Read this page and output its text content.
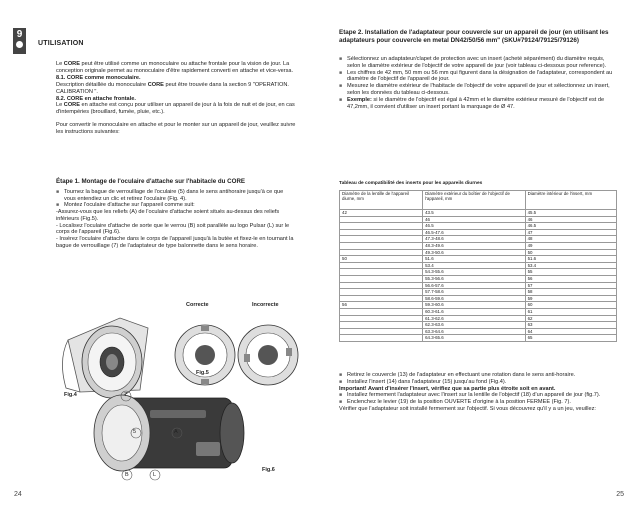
9
UTILISATION

Le CORE peut être utilisé comme un monoculaire ou attache frontale pour la vision de jour. La conception originale permet au monoculaire d'être rapidement converti en attache et vice-versa.

8.1. CORE comme monoculaire.

Description détaillée du monoculaire CORE peut être trouvée dans la section 9 "OPERATION. CALIBRATION ".

8.2. CORE en attache frontale.

Le CORE en attache est conçu pour utiliser un appareil de jour à la fois de nuit et de jour, en cas d'intempéries (brouillard, fumée, pluie, etc.).

Pour convertir le monoculaire en attache et pour le monter sur un appareil de jour, veuillez suivre les instructions suivantes:

Étape 1. Montage de l'oculaire d'attache sur l'habitacle du CORE

■ Tournez la bague de verrouillage de l'oculaire (5) dans le sens antihoraire jusqu'à ce que vous entendiez un clic et retirez l'oculaire (Fig. 4).

■ Montez l'oculaire d'attache sur l'appareil comme suit:

-Assurez-vous que les reliefs (A) de l'oculaire d'attache soient situés au-dessus des reliefs inférieurs (Fig.5).

- Localisez l'oculaire d'attache de sorte que le verrou (B) soit parallèle au logo Pulsar (L) sur le corps de l'appareil (Fig.6).

- Insérez l'oculaire d'attache dans le corps de l'appareil jusqu'à la butée et fixez-le en tournant la bague de verrouillage (7) de l'adaptateur de type baïonnette dans le sens horaire.

Correcte	Incorrecte
5	A
7
B	L
Fig.4
Fig.5
Fig.6
24
Etape 2. Installation de l'adaptateur pour couvercle sur un appareil de jour (en utilisant les adaptateurs pour couvercle en metal DN42/50/56 mm" (SKU#79124/79125/79126)

■ Sélectionnez un adaptateur/clapet de protection avec un insert (acheté séparément) du diamètre requis, selon le diamètre extérieur de l'objectif de votre appareil de jour (voir tableau ci-dessous pour reference).

■ Les chiffres de 42 mm, 50 mm ou 56 mm qui figurent dans la désignation de l'adaptateur, correspondent au diamètre de l'objectif de l'appareil de jour.

■ Mesurez le diamètre extérieur de l'habitacle de l'objectif de votre appareil de jour et sélectionnez un insert, selon les données du tableau ci-dessous.

■ Exemple: si le diamètre de l'objectif est égal à 42mm et le diamètre extérieur mesuré de l'objectif est de 47,2mm, il convient d'utiliser un insert portant la marquage de Ø 47.

Tableau de compatibilité des inserts pour les appareils diurnes
Diamètre de la lentille de l'appareil diurne, mm	Diamètre extérieur du boîtier de l'objectif de l'appareil, mm	Diamètre intérieur de l'insert, mm
42	43.5	45.5
	46	46
	46.5	46.5
	46.5-47.6	47
	47.3-48.6	48
	48.3-49.6	49
	49.3-50.6	50
50	51.6	51.6
	53.4	53.4
	54.3-55.6	55
	55.3-56.6	56
	56.6-57.6	57
	57.7-58.6	58
	58.6-59.6	59
56	59.3-60.6	60
	60.3-61.6	61
	61.3-62.6	62
	62.3-63.6	63
	63.3-64.6	64
	64.3-65.6	65

■ Retirez le couvercle (13) de l'adaptateur en effectuant une rotation dans le sens anti-horaire.

■ Installez l'insert (14) dans l'adaptateur (15) jusqu'au fond (Fig.4).

Important! Avant d'insérer l'insert, vérifiez que sa partie plus étroite soit en avant.

■ Installez fermement l'adaptateur avec l'insert sur la lentille de l'objectif (18) d'un appareil de jour (fig.7).

■ Enclenchez le levier (19) de la position OUVERTE d'origine à la position FERMEE (Fig. 7).

Vérifier que l'adaptateur soit installé fermement sur l'objectif. Si vous découvrez qu'il y a un jeu, veuillez:

25
